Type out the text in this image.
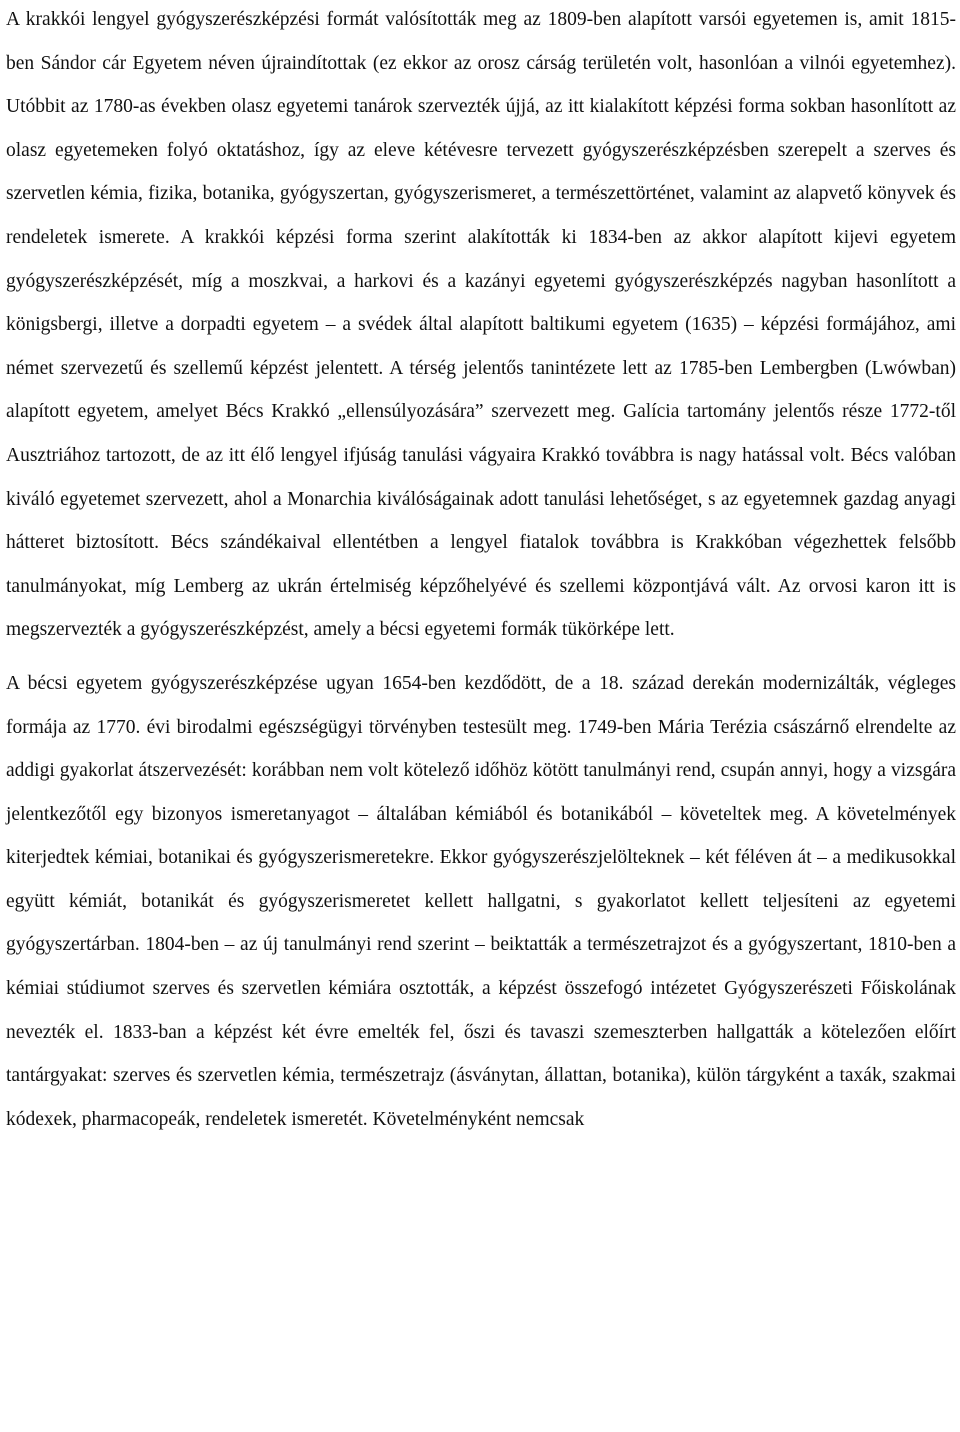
A krakkói lengyel gyógyszerészképzési formát valósították meg az 1809-ben alapított varsói egyetemen is, amit 1815-ben Sándor cár Egyetem néven újraindítottak (ez ekkor az orosz cárság területén volt, hasonlóan a vilnói egyetemhez). Utóbbit az 1780-as években olasz egyetemi tanárok szervezték újjá, az itt kialakított képzési forma sokban hasonlított az olasz egyetemeken folyó oktatáshoz, így az eleve kétévesre tervezett gyógyszerészképzésben szerepelt a szerves és szervetlen kémia, fizika, botanika, gyógyszertan, gyógyszerismeret, a természettörténet, valamint az alapvető könyvek és rendeletek ismerete. A krakkói képzési forma szerint alakították ki 1834-ben az akkor alapított kijevi egyetem gyógyszerészképzését, míg a moszkvai, a harkovi és a kazányi egyetemi gyógyszerészképzés nagyban hasonlított a königsbergi, illetve a dorpadti egyetem – a svédek által alapított baltikumi egyetem (1635) – képzési formájához, ami német szervezetű és szellemű képzést jelentett. A térség jelentős tanintézete lett az 1785-ben Lembergben (Lwówban) alapított egyetem, amelyet Bécs Krakkó „ellensúlyozására” szervezett meg. Galícia tartomány jelentős része 1772-től Ausztriához tartozott, de az itt élő lengyel ifjúság tanulási vágyaira Krakkó továbbra is nagy hatással volt. Bécs valóban kiváló egyetemet szervezett, ahol a Monarchia kiválóságainak adott tanulási lehetőséget, s az egyetemnek gazdag anyagi hátteret biztosított. Bécs szándékaival ellentétben a lengyel fiatalok továbbra is Krakkóban végezhettek felsőbb tanulmányokat, míg Lemberg az ukrán értelmiség képzőhelyévé és szellemi központjává vált. Az orvosi karon itt is megszervezték a gyógyszerészképzést, amely a bécsi egyetemi formák tükörképe lett.

A bécsi egyetem gyógyszerészképzése ugyan 1654-ben kezdődött, de a 18. század derekán modernizálták, végleges formája az 1770. évi birodalmi egészségügyi törvényben testesült meg. 1749-ben Mária Terézia császárnő elrendelte az addigi gyakorlat átszervezését: korábban nem volt kötelező időhöz kötött tanulmányi rend, csupán annyi, hogy a vizsgára jelentkezőtől egy bizonyos ismeretanyagot – általában kémiából és botanikából – követeltek meg. A követelmények kiterjedtek kémiai, botanikai és gyógyszerismeretekre. Ekkor gyógyszerészjelölteknek – két féléven át – a medikusokkal együtt kémiát, botanikát és gyógyszerismeretet kellett hallgatni, s gyakorlatot kellett teljesíteni az egyetemi gyógyszertárban. 1804-ben – az új tanulmányi rend szerint – beiktatták a természetrajzot és a gyógyszertant, 1810-ben a kémiai stúdiumot szerves és szervetlen kémiára osztották, a képzést összefogó intézetet Gyógyszerészeti Főiskolának nevezték el. 1833-ban a képzést két évre emelték fel, őszi és tavaszi szemeszterben hallgatták a kötelezően előírt tantárgyakat: szerves és szervetlen kémia, természetrajz (ásványtan, állattan, botanika), külön tárgyként a taxák, szakmai kódexek, pharmacopeák, rendeletek ismeretét. Követelményként nemcsak
